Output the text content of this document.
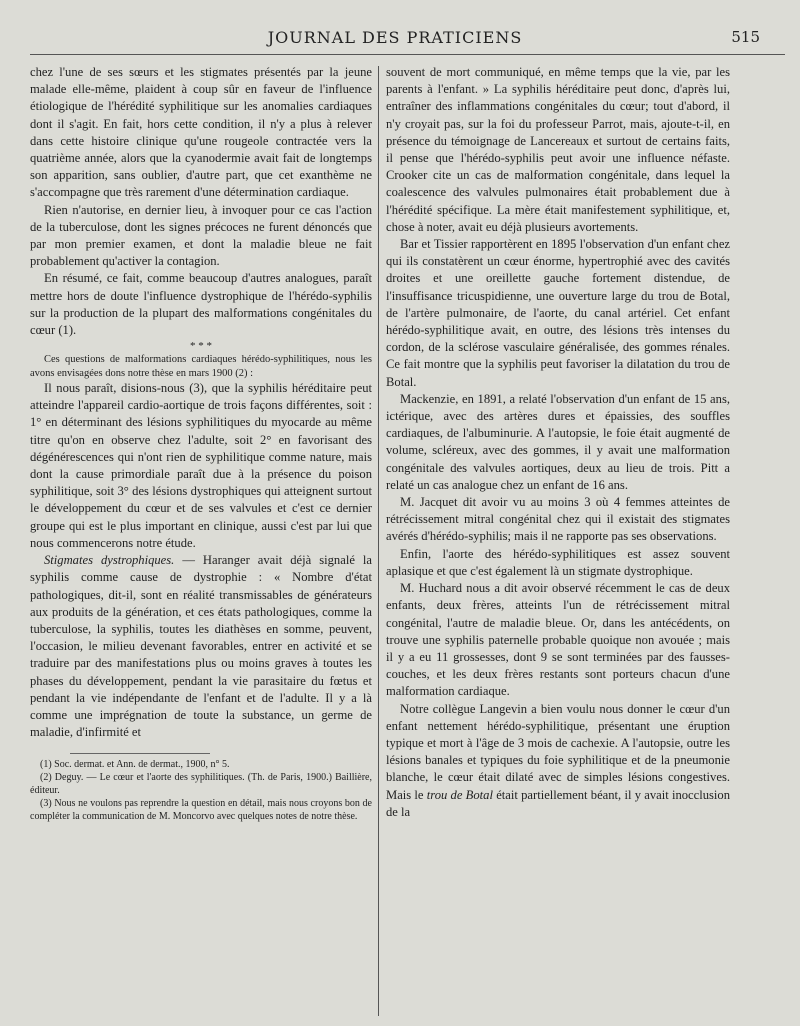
JOURNAL DES PRATICIENS	515

chez l'une de ses sœurs et les stigmates présentés par la jeune malade elle-même, plaident à coup sûr en faveur de l'influence étiologique de l'hérédité syphilitique sur les anomalies cardiaques dont il s'agit. En fait, hors cette condition, il n'y a plus à relever dans cette histoire clinique qu'une rougeole contractée vers la quatrième année, alors que la cyanodermie avait fait de longtemps son apparition, sans oublier, d'autre part, que cet exanthème ne s'accompagne que très rarement d'une détermination cardiaque.

Rien n'autorise, en dernier lieu, à invoquer pour ce cas l'action de la tuberculose, dont les signes précoces ne furent dénoncés que par mon premier examen, et dont la maladie bleue ne fait probablement qu'activer la contagion.

En résumé, ce fait, comme beaucoup d'autres analogues, paraît mettre hors de doute l'influence dystrophique de l'hérédo-syphilis sur la production de la plupart des malformations congénitales du cœur (1).

* * *

Ces questions de malformations cardiaques hérédo-syphilitiques, nous les avons envisagées dons notre thèse en mars 1900 (2) :

Il nous paraît, disions-nous (3), que la syphilis héréditaire peut atteindre l'appareil cardio-aortique de trois façons différentes, soit : 1° en déterminant des lésions syphilitiques du myocarde au même titre qu'on en observe chez l'adulte, soit 2° en favorisant des dégénérescences qui n'ont rien de syphilitique comme nature, mais dont la cause primordiale paraît due à la présence du poison syphilitique, soit 3° des lésions dystrophiques qui atteignent surtout le développement du cœur et de ses valvules et c'est ce dernier groupe qui est le plus important en clinique, aussi c'est par lui que nous commencerons notre étude.

Stigmates dystrophiques. — Haranger avait déjà signalé la syphilis comme cause de dystrophie : « Nombre d'état pathologiques, dit-il, sont en réalité transmissables de générateurs aux produits de la génération, et ces états pathologiques, comme la tuberculose, la syphilis, toutes les diathèses en somme, peuvent, l'occasion, le milieu devenant favorables, entrer en activité et se traduire par des manifestations plus ou moins graves à toutes les phases du développement, pendant la vie parasitaire du fœtus et pendant la vie indépendante de l'enfant et de l'adulte. Il y a là comme une imprégnation de toute la substance, un germe de maladie, d'infirmité et

(1) Soc. dermat. et Ann. de dermat., 1900, n° 5.

(2) Deguy. — Le cœur et l'aorte des syphilitiques. (Th. de Paris, 1900.) Baillière, éditeur.

(3) Nous ne voulons pas reprendre la question en détail, mais nous croyons bon de compléter la communication de M. Moncorvo avec quelques notes de notre thèse.

souvent de mort communiqué, en même temps que la vie, par les parents à l'enfant. » La syphilis héréditaire peut donc, d'après lui, entraîner des inflammations congénitales du cœur; tout d'abord, il n'y croyait pas, sur la foi du professeur Parrot, mais, ajoute-t-il, en présence du témoignage de Lancereaux et surtout de certains faits, il pense que l'hérédo-syphilis peut avoir une influence néfaste. Crooker cite un cas de malformation congénitale, dans lequel la coalescence des valvules pulmonaires était probablement due à l'hérédité spécifique. La mère était manifestement syphilitique, et, chose à noter, avait eu déjà plusieurs avortements.

Bar et Tissier rapportèrent en 1895 l'observation d'un enfant chez qui ils constatèrent un cœur énorme, hypertrophié avec des cavités droites et une oreillette gauche fortement distendue, de l'insuffisance tricuspidienne, une ouverture large du trou de Botal, de l'artère pulmonaire, de l'aorte, du canal artériel. Cet enfant hérédo-syphilitique avait, en outre, des lésions très intenses du cordon, de la sclérose vasculaire généralisée, des gommes rénales. Ce fait montre que la syphilis peut favoriser la dilatation du trou de Botal.

Mackenzie, en 1891, a relaté l'observation d'un enfant de 15 ans, ictérique, avec des artères dures et épaissies, des souffles cardiaques, de l'albuminurie. A l'autopsie, le foie était augmenté de volume, scléreux, avec des gommes, il y avait une malformation congénitale des valvules aortiques, deux au lieu de trois. Pitt a relaté un cas analogue chez un enfant de 16 ans.

M. Jacquet dit avoir vu au moins 3 où 4 femmes atteintes de rétrécissement mitral congénital chez qui il existait des stigmates avérés d'hérédo-syphilis; mais il ne rapporte pas ses observations.

Enfin, l'aorte des hérédo-syphilitiques est assez souvent aplasique et que c'est également là un stigmate dystrophique.

M. Huchard nous a dit avoir observé récemment le cas de deux enfants, deux frères, atteints l'un de rétrécissement mitral congénital, l'autre de maladie bleue. Or, dans les antécédents, on trouve une syphilis paternelle probable quoique non avouée ; mais il y a eu 11 grossesses, dont 9 se sont terminées par des fausses-couches, et les deux frères restants sont porteurs chacun d'une malformation cardiaque.

Notre collègue Langevin a bien voulu nous donner le cœur d'un enfant nettement hérédo-syphilitique, présentant une éruption typique et mort à l'âge de 3 mois de cachexie. A l'autopsie, outre les lésions banales et typiques du foie syphilitique et de la pneumonie blanche, le cœur était dilaté avec de simples lésions congestives. Mais le trou de Botal était partiellement béant, il y avait inocclusion de la
